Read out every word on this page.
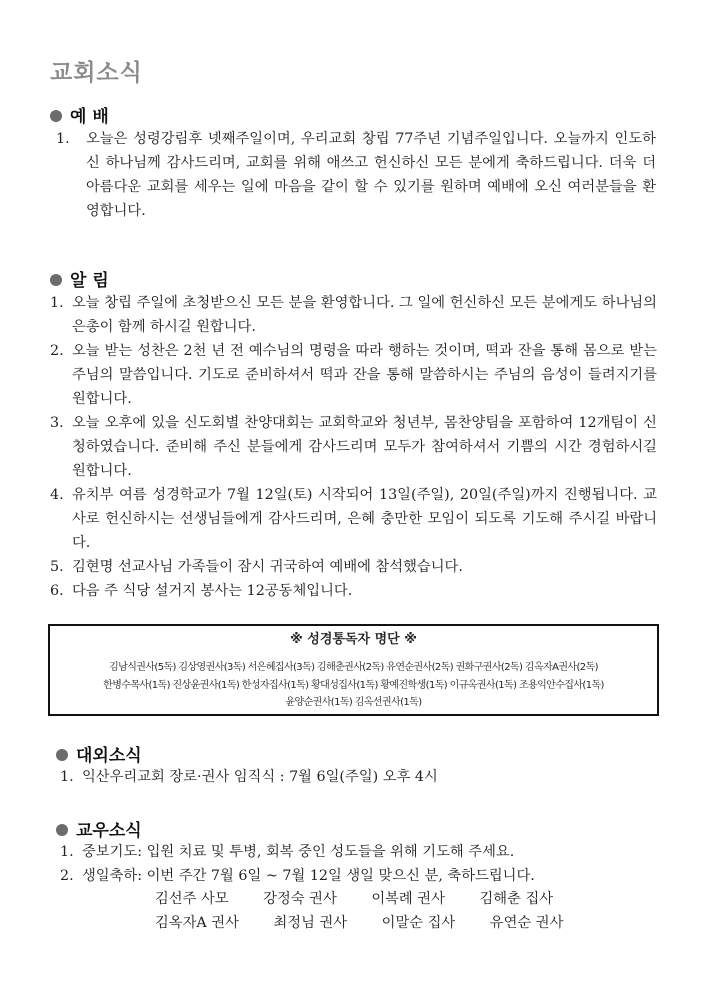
교회소식
예 배
1. 오늘은 성령강림후 넷째주일이며, 우리교회 창립 77주년 기념주일입니다. 오늘까지 인도하신 하나님께 감사드리며, 교회를 위해 애쓰고 헌신하신 모든 분에게 축하드립니다. 더욱 더 아름다운 교회를 세우는 일에 마음을 같이 할 수 있기를 원하며 예배에 오신 여러분들을 환영합니다.
알 림
1. 오늘 창립 주일에 초청받으신 모든 분을 환영합니다. 그 일에 헌신하신 모든 분에게도 하나님의 은총이 함께 하시길 원합니다.
2. 오늘 받는 성찬은 2천 년 전 예수님의 명령을 따라 행하는 것이며, 떡과 잔을 통해 몸으로 받는 주님의 말씀입니다. 기도로 준비하셔서 떡과 잔을 통해 말씀하시는 주님의 음성이 들려지기를 원합니다.
3. 오늘 오후에 있을 신도회별 찬양대회는 교회학교와 청년부, 몸찬양팀을 포함하여 12개팀이 신청하였습니다. 준비해 주신 분들에게 감사드리며 모두가 참여하셔서 기쁨의 시간 경험하시길 원합니다.
4. 유치부 여름 성경학교가 7월 12일(토) 시작되어 13일(주일), 20일(주일)까지 진행됩니다. 교사로 헌신하시는 선생님들에게 감사드리며, 은혜 충만한 모임이 되도록 기도해 주시길 바랍니다.
5. 김현명 선교사님 가족들이 잠시 귀국하여 예배에 참석했습니다.
6. 다음 주 식당 설거지 봉사는 12공동체입니다.
※ 성경통독자 명단 ※
김남식권사(5독) 김상영권사(3독) 서은혜집사(3독) 김해춘권사(2독) 유연순권사(2독) 권화구권사(2독) 김옥자A권사(2독)
한병수목사(1독) 진상윤권사(1독) 한성자집사(1독) 황대성집사(1독) 황예진학생(1독) 이규옥권사(1독) 조용익안수집사(1독)
윤양순권사(1독) 김옥선권사(1독)
대외소식
1. 익산우리교회 장로·권사 임직식 : 7월 6일(주일) 오후 4시
교우소식
1. 중보기도: 입원 치료 및 투병, 회복 중인 성도들을 위해 기도해 주세요.
2. 생일축하: 이번 주간 7월 6일 ~ 7월 12일 생일 맞으신 분, 축하드립니다.
김선주 사모 강정숙 권사 이복례 권사 김해춘 집사
김옥자A 권사 최정님 권사 이말순 집사 유연순 권사
